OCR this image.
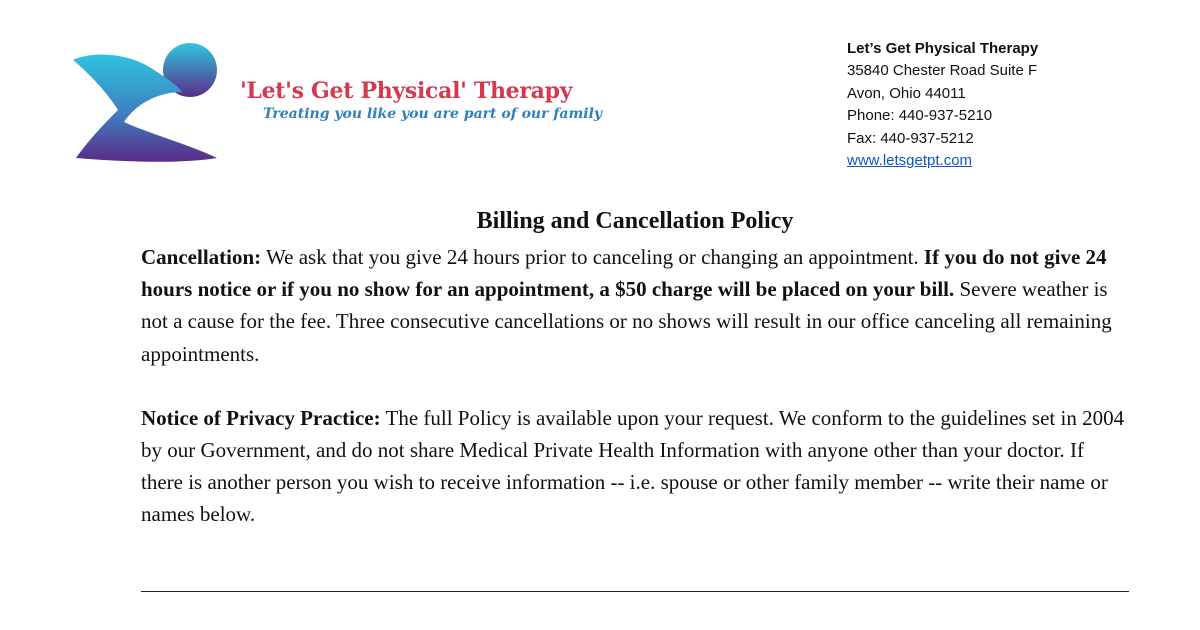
'Let's Get Physical' Therapy
Treating you like you are part of our family
Let’s Get Physical Therapy
35840 Chester Road Suite F
Avon, Ohio 44011
Phone: 440-937-5210
Fax: 440-937-5212
www.letsgetpt.com
Billing and Cancellation Policy

Cancellation: We ask that you give 24 hours prior to canceling or changing an appointment. If you do not give 24 hours notice or if you no show for an appointment, a $50 charge will be placed on your bill. Severe weather is not a cause for the fee. Three consecutive cancellations or no shows will result in our office canceling all remaining appointments.

Notice of Privacy Practice: The full Policy is available upon your request. We conform to the guidelines set in 2004 by our Government, and do not share Medical Private Health Information with anyone other than your doctor. If there is another person you wish to receive information -- i.e. spouse or other family member -- write their name or names below.
